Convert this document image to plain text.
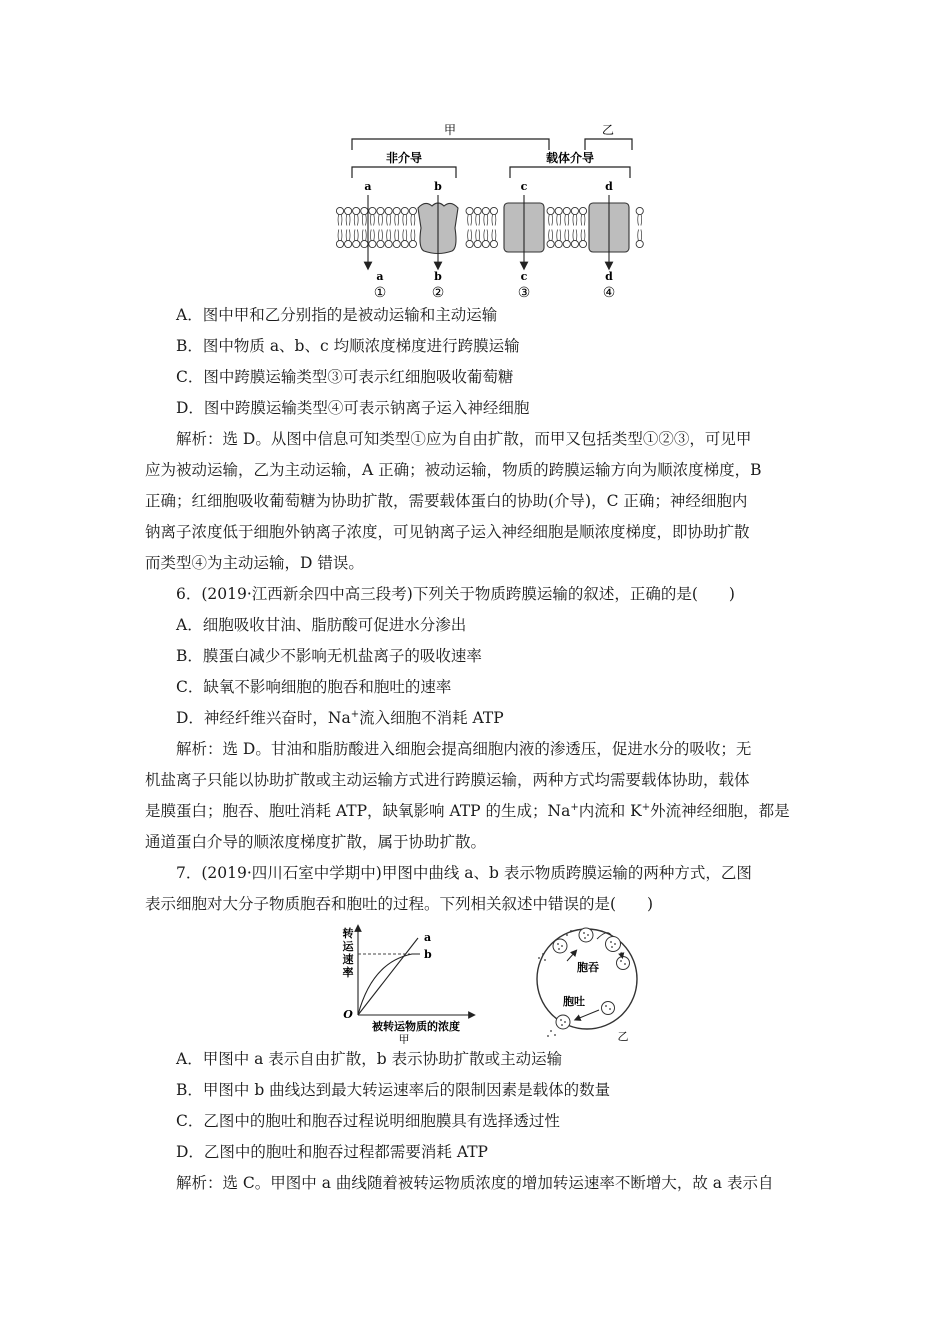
甲	乙
非介导	载体介导
a	b	c	d
a	b	c	d
①	②	③	④
A．图中甲和乙分别指的是被动运输和主动运输
B．图中物质 a、b、c 均顺浓度梯度进行跨膜运输
C．图中跨膜运输类型③可表示红细胞吸收葡萄糖
D．图中跨膜运输类型④可表示钠离子运入神经细胞
解析：选 D。从图中信息可知类型①应为自由扩散，而甲又包括类型①②③，可见甲
应为被动运输，乙为主动运输，A 正确；被动运输，物质的跨膜运输方向为顺浓度梯度，B
正确；红细胞吸收葡萄糖为协助扩散，需要载体蛋白的协助(介导)，C 正确；神经细胞内
钠离子浓度低于细胞外钠离子浓度，可见钠离子运入神经细胞是顺浓度梯度，即协助扩散
而类型④为主动运输，D 错误。
6．(2019·江西新余四中高三段考)下列关于物质跨膜运输的叙述，正确的是(　　)
A．细胞吸收甘油、脂肪酸可促进水分渗出
B．膜蛋白减少不影响无机盐离子的吸收速率
C．缺氧不影响细胞的胞吞和胞吐的速率
D．神经纤维兴奋时，Na+流入细胞不消耗 ATP
解析：选 D。甘油和脂肪酸进入细胞会提高细胞内液的渗透压，促进水分的吸收；无
机盐离子只能以协助扩散或主动运输方式进行跨膜运输，两种方式均需要载体协助，载体
是膜蛋白；胞吞、胞吐消耗 ATP，缺氧影响 ATP 的生成；Na+内流和 K+外流神经细胞，都是
通道蛋白介导的顺浓度梯度扩散，属于协助扩散。
7．(2019·四川石室中学期中)甲图中曲线 a、b 表示物质跨膜运输的两种方式，乙图
表示细胞对大分子物质胞吞和胞吐的过程。下列相关叙述中错误的是(　　)
转
运
速
率
O
被转运物质的浓度
甲
a
b
胞吞
胞吐
乙
A．甲图中 a 表示自由扩散，b 表示协助扩散或主动运输
B．甲图中 b 曲线达到最大转运速率后的限制因素是载体的数量
C．乙图中的胞吐和胞吞过程说明细胞膜具有选择透过性
D．乙图中的胞吐和胞吞过程都需要消耗 ATP
解析：选 C。甲图中 a 曲线随着被转运物质浓度的增加转运速率不断增大，故 a 表示自
